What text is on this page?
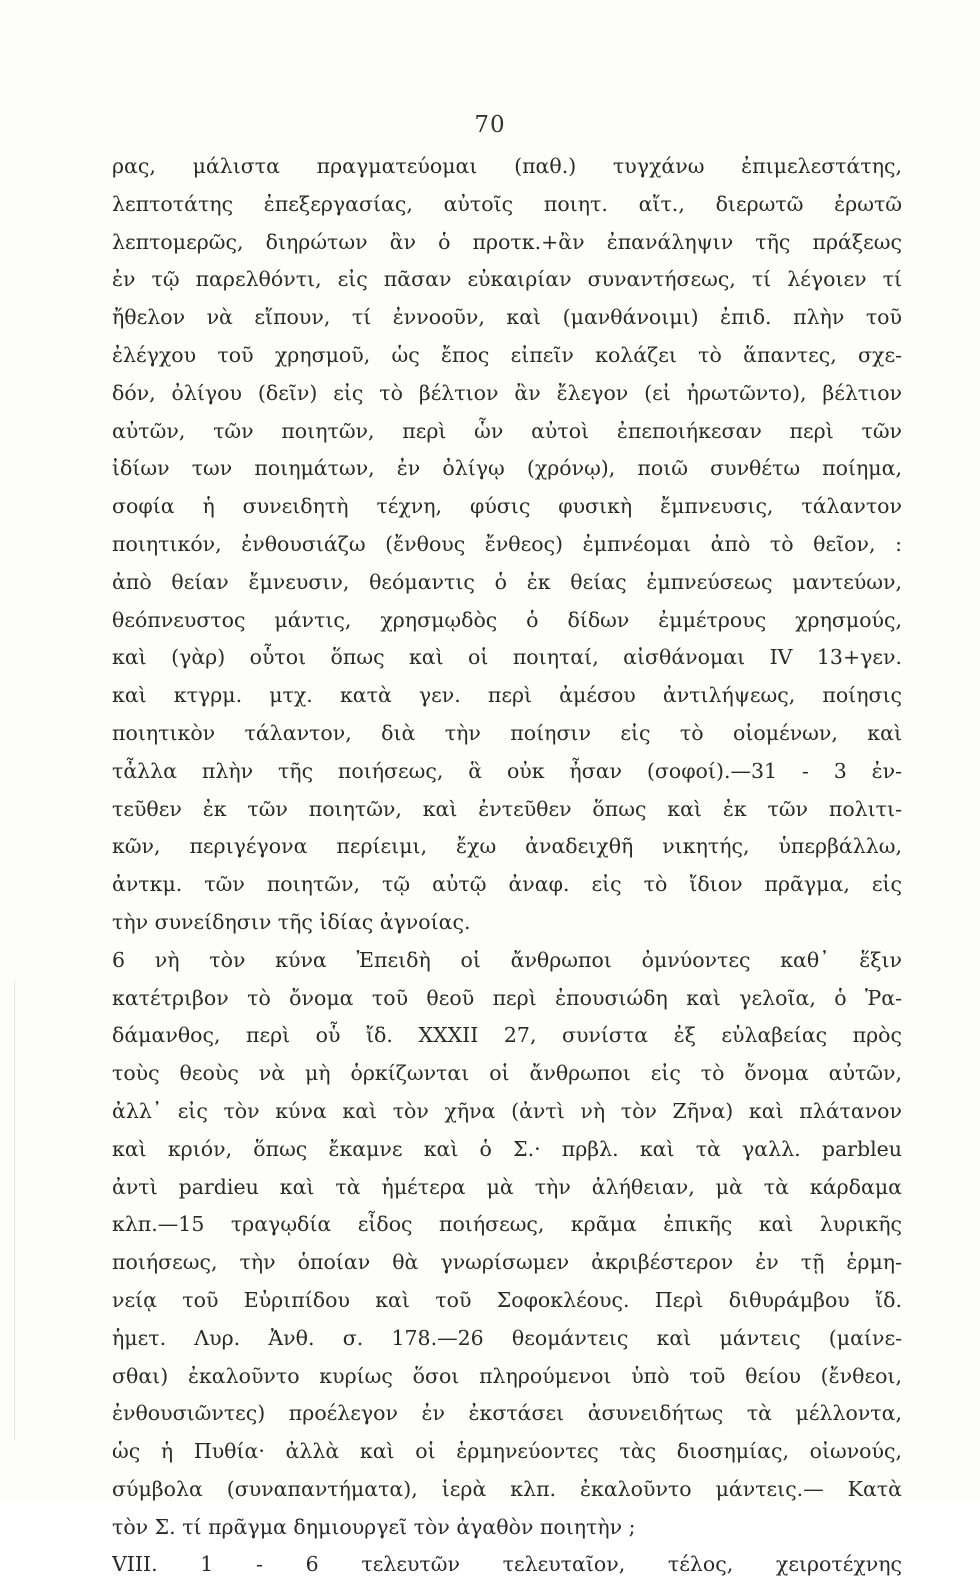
70
ρας, μάλιστα πραγματεύομαι (παθ.) τυγχάνω ἐπιμελεστάτης,
λεπτοτάτης ἐπεξεργασίας, αὐτοῖς ποιητ. αἴτ., διερωτῶ ἐρωτῶ
λεπτομερῶς, διηρώτων ἂν ὁ προτκ.+ἂν ἐπανάληψιν τῆς πράξεως
ἐν τῷ παρελθόντι, εἰς πᾶσαν εὐκαιρίαν συναντήσεως, τί λέγοιεν τί
ἤθελον νὰ εἴπουν, τί ἐννοοῦν, καὶ (μανθάνοιμι) ἐπιδ. πλὴν τοῦ
ἐλέγχου τοῦ χρησμοῦ, ὡς ἔπος εἰπεῖν κολάζει τὸ ἅπαντες, σχε-
δόν, ὀλίγου (δεῖν) εἰς τὸ βέλτιον ἂν ἔλεγον (εἰ ἠρωτῶντο), βέλτιον
αὐτῶν, τῶν ποιητῶν, περὶ ὧν αὐτοὶ ἐπεποιήκεσαν περὶ τῶν
ἰδίων των ποιημάτων, ἐν ὀλίγῳ (χρόνῳ), ποιῶ συνθέτω ποίημα,
σοφία ἡ συνειδητὴ τέχνη, φύσις φυσικὴ ἔμπνευσις, τάλαντον
ποιητικόν, ἐνθουσιάζω (ἔνθους ἔνθεος) ἐμπνέομαι ἀπὸ τὸ θεῖον, :
ἀπὸ θείαν ἔμνευσιν, θεόμαντις ὁ ἐκ θείας ἐμπνεύσεως μαντεύων,
θεόπνευστος μάντις, χρησμῳδὸς ὁ δίδων ἐμμέτρους χρησμούς,
καὶ (γὰρ) οὗτοι ὅπως καὶ οἱ ποιηταί, αἰσθάνομαι IV 13+γεν.
καὶ κτγρμ. μτχ. κατὰ γεν. περὶ ἀμέσου ἀντιλήψεως, ποίησις
ποιητικὸν τάλαντον, διὰ τὴν ποίησιν εἰς τὸ οἰομένων, καὶ
τἆλλα πλὴν τῆς ποιήσεως, ἃ οὐκ ἦσαν (σοφοί).—31 - 3 ἐν-
τεῦθεν ἐκ τῶν ποιητῶν, καὶ ἐντεῦθεν ὅπως καὶ ἐκ τῶν πολιτι-
κῶν, περιγέγονα περίειμι, ἔχω ἀναδειχθῆ νικητής, ὑπερβάλλω,
ἀντκμ. τῶν ποιητῶν, τῷ αὐτῷ ἀναφ. εἰς τὸ ἴδιον πρᾶγμα, εἰς
τὴν συνείδησιν τῆς ἰδίας ἀγνοίας.
6 νὴ τὸν κύνα Ἐπειδὴ οἱ ἄνθρωποι ὀμνύοντες καθ᾽ ἕξιν
κατέτριβον τὸ ὄνομα τοῦ θεοῦ περὶ ἐπουσιώδη καὶ γελοῖα, ὁ Ῥα-
δάμανθος, περὶ οὗ ἴδ. XXXII 27, συνίστα ἐξ εὐλαβείας πρὸς
τοὺς θεοὺς νὰ μὴ ὁρκίζωνται οἱ ἄνθρωποι εἰς τὸ ὄνομα αὐτῶν,
ἀλλ᾽ εἰς τὸν κύνα καὶ τὸν χῆνα (ἀντὶ νὴ τὸν Ζῆνα) καὶ πλάτανον
καὶ κριόν, ὅπως ἔκαμνε καὶ ὁ Σ.· πρβλ. καὶ τὰ γαλλ. parbleu
ἀντὶ pardieu καὶ τὰ ἡμέτερα μὰ τὴν ἀλήθειαν, μὰ τὰ κάρδαμα
κλπ.—15 τραγῳδία εἶδος ποιήσεως, κρᾶμα ἐπικῆς καὶ λυρικῆς
ποιήσεως, τὴν ὁποίαν θὰ γνωρίσωμεν ἀκριβέστερον ἐν τῇ ἑρμη-
νείᾳ τοῦ Εὐριπίδου καὶ τοῦ Σοφοκλέους. Περὶ διθυράμβου ἴδ.
ἡμετ. Λυρ. Ἀνθ. σ. 178.—26 θεομάντεις καὶ μάντεις (μαίνε-
σθαι) ἐκαλοῦντο κυρίως ὅσοι πληρούμενοι ὑπὸ τοῦ θείου (ἔνθεοι,
ἐνθουσιῶντες) προέλεγον ἐν ἐκστάσει ἀσυνειδήτως τὰ μέλλοντα,
ὡς ἡ Πυθία· ἀλλὰ καὶ οἱ ἑρμηνεύοντες τὰς διοσημίας, οἰωνούς,
σύμβολα (συναπαντήματα), ἱερὰ κλπ. ἐκαλοῦντο μάντεις.— Κατὰ
τὸν Σ. τί πρᾶγμα δημιουργεῖ τὸν ἀγαθὸν ποιητὴν ;
VIII. 1 - 6 τελευτῶν τελευταῖον, τέλος, χειροτέχνης
